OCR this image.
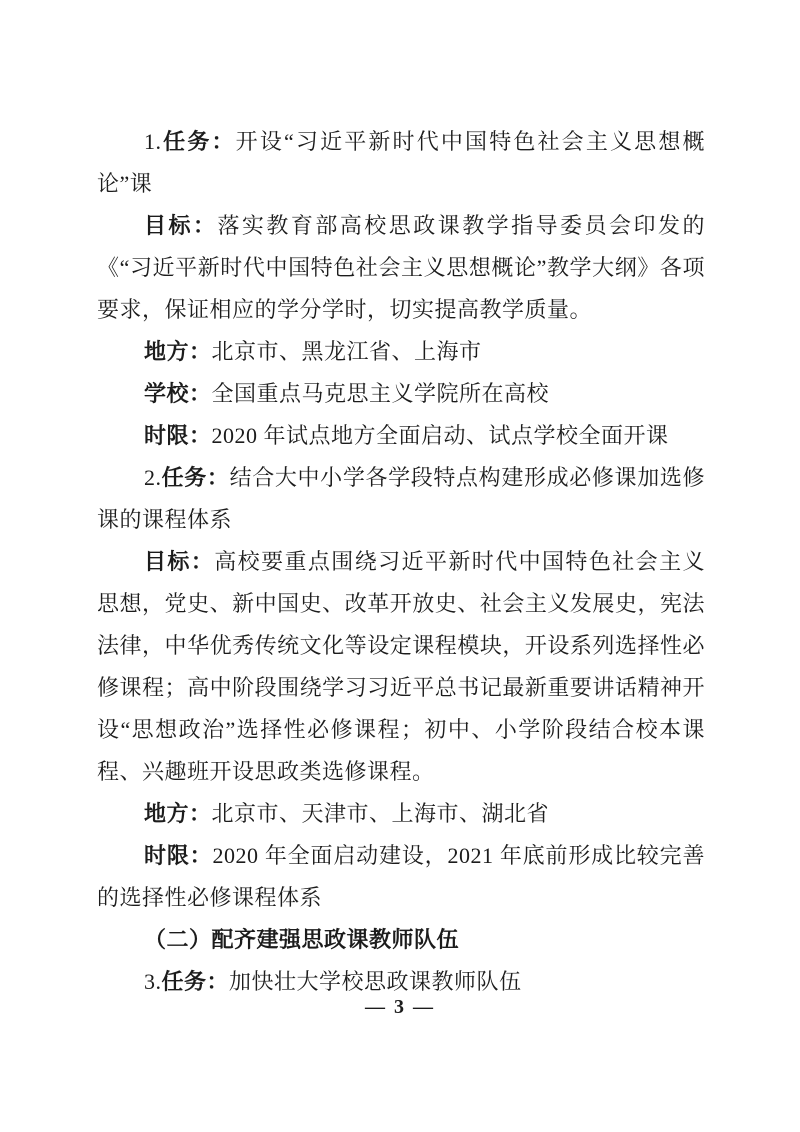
1.任务：开设“习近平新时代中国特色社会主义思想概论”课

目标：落实教育部高校思政课教学指导委员会印发的《“习近平新时代中国特色社会主义思想概论”教学大纲》各项要求，保证相应的学分学时，切实提高教学质量。

地方：北京市、黑龙江省、上海市

学校：全国重点马克思主义学院所在高校

时限：2020 年试点地方全面启动、试点学校全面开课

2.任务：结合大中小学各学段特点构建形成必修课加选修课的课程体系

目标：高校要重点围绕习近平新时代中国特色社会主义思想，党史、新中国史、改革开放史、社会主义发展史，宪法法律，中华优秀传统文化等设定课程模块，开设系列选择性必修课程；高中阶段围绕学习习近平总书记最新重要讲话精神开设“思想政治”选择性必修课程；初中、小学阶段结合校本课程、兴趣班开设思政类选修课程。

地方：北京市、天津市、上海市、湖北省

时限：2020 年全面启动建设，2021 年底前形成比较完善的选择性必修课程体系

（二）配齐建强思政课教师队伍

3.任务：加快壮大学校思政课教师队伍

— 3 —
